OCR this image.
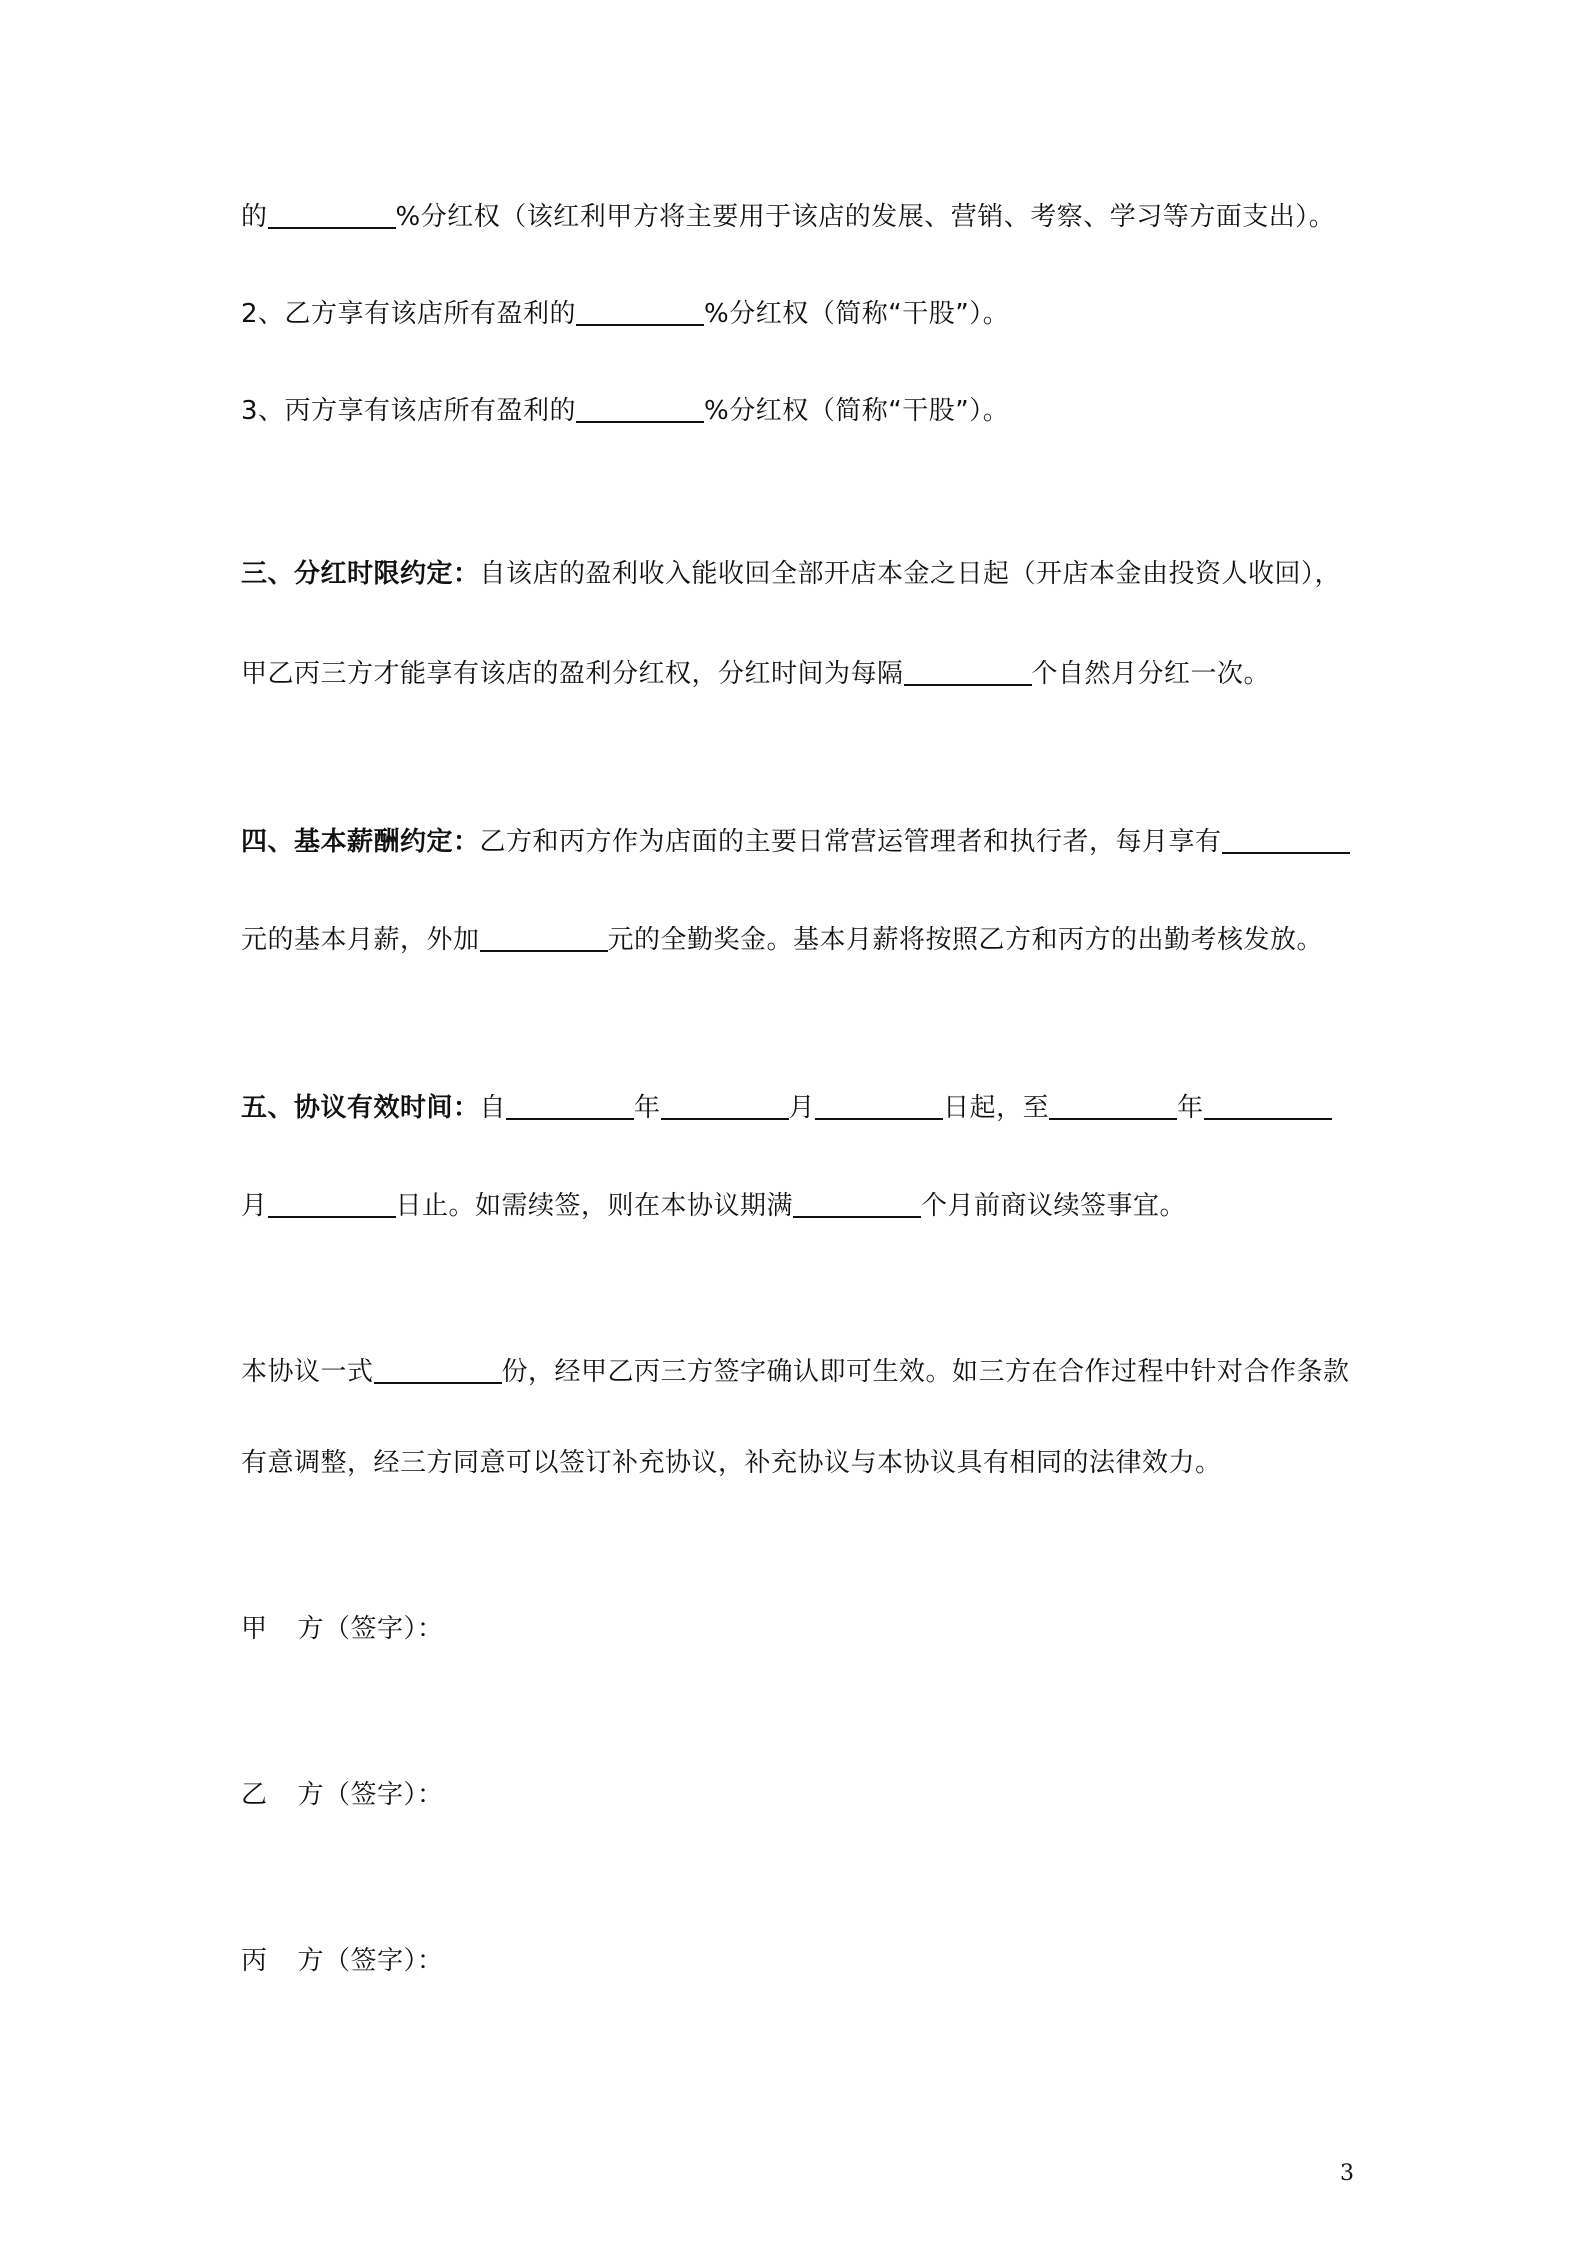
的	%分红权（该红利甲方将主要用于该店的发展、营销、考察、学习等方面支出）。
2、乙方享有该店所有盈利的	%分红权（简称“干股”）。
3、丙方享有该店所有盈利的	%分红权（简称“干股”）。
三、分红时限约定：自该店的盈利收入能收回全部开店本金之日起（开店本金由投资人收回），
甲乙丙三方才能享有该店的盈利分红权，分红时间为每隔	个自然月分红一次。
四、基本薪酬约定：乙方和丙方作为店面的主要日常营运管理者和执行者，每月享有
元的基本月薪，外加	元的全勤奖金。基本月薪将按照乙方和丙方的出勤考核发放。
五、协议有效时间：自	年	月	日起，至	年
月	日止。如需续签，则在本协议期满	个月前商议续签事宜。
本协议一式	份，经甲乙丙三方签字确认即可生效。如三方在合作过程中针对合作条款
有意调整，经三方同意可以签订补充协议，补充协议与本协议具有相同的法律效力。
甲 方（签字）：
乙 方（签字）：
丙 方（签字）：
3
